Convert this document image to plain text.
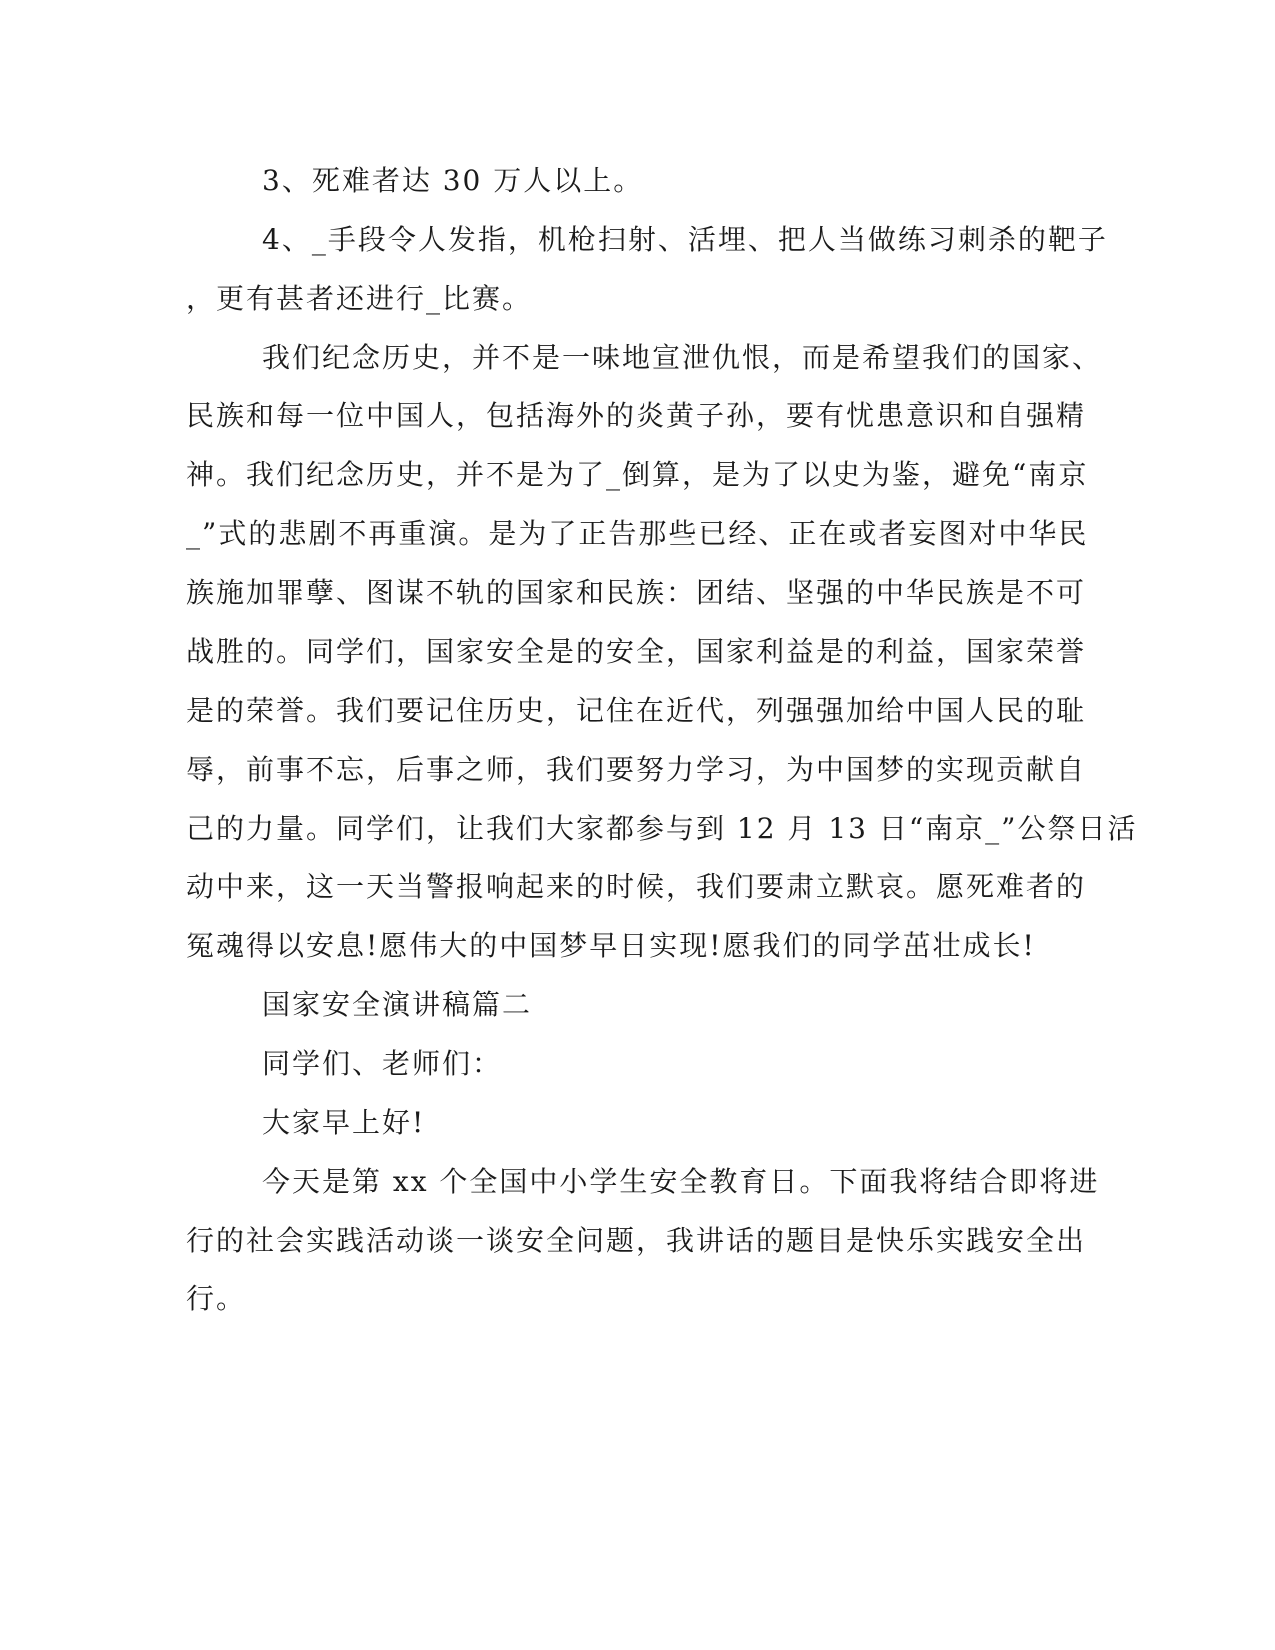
3、死难者达 30 万人以上。

4、_手段令人发指，机枪扫射、活埋、把人当做练习刺杀的靶子

，更有甚者还进行_比赛。

我们纪念历史，并不是一味地宣泄仇恨，而是希望我们的国家、

民族和每一位中国人，包括海外的炎黄子孙，要有忧患意识和自强精

神。我们纪念历史，并不是为了_倒算，是为了以史为鉴，避免“南京

_”式的悲剧不再重演。是为了正告那些已经、正在或者妄图对中华民

族施加罪孽、图谋不轨的国家和民族：团结、坚强的中华民族是不可

战胜的。同学们，国家安全是的安全，国家利益是的利益，国家荣誉

是的荣誉。我们要记住历史，记住在近代，列强强加给中国人民的耻

辱，前事不忘，后事之师，我们要努力学习，为中国梦的实现贡献自

己的力量。同学们，让我们大家都参与到 12 月 13 日“南京_”公祭日活

动中来，这一天当警报响起来的时候，我们要肃立默哀。愿死难者的

冤魂得以安息!愿伟大的中国梦早日实现!愿我们的同学茁壮成长!

国家安全演讲稿篇二

同学们、老师们：

大家早上好!

今天是第 xx 个全国中小学生安全教育日。下面我将结合即将进

行的社会实践活动谈一谈安全问题，我讲话的题目是快乐实践安全出

行。
